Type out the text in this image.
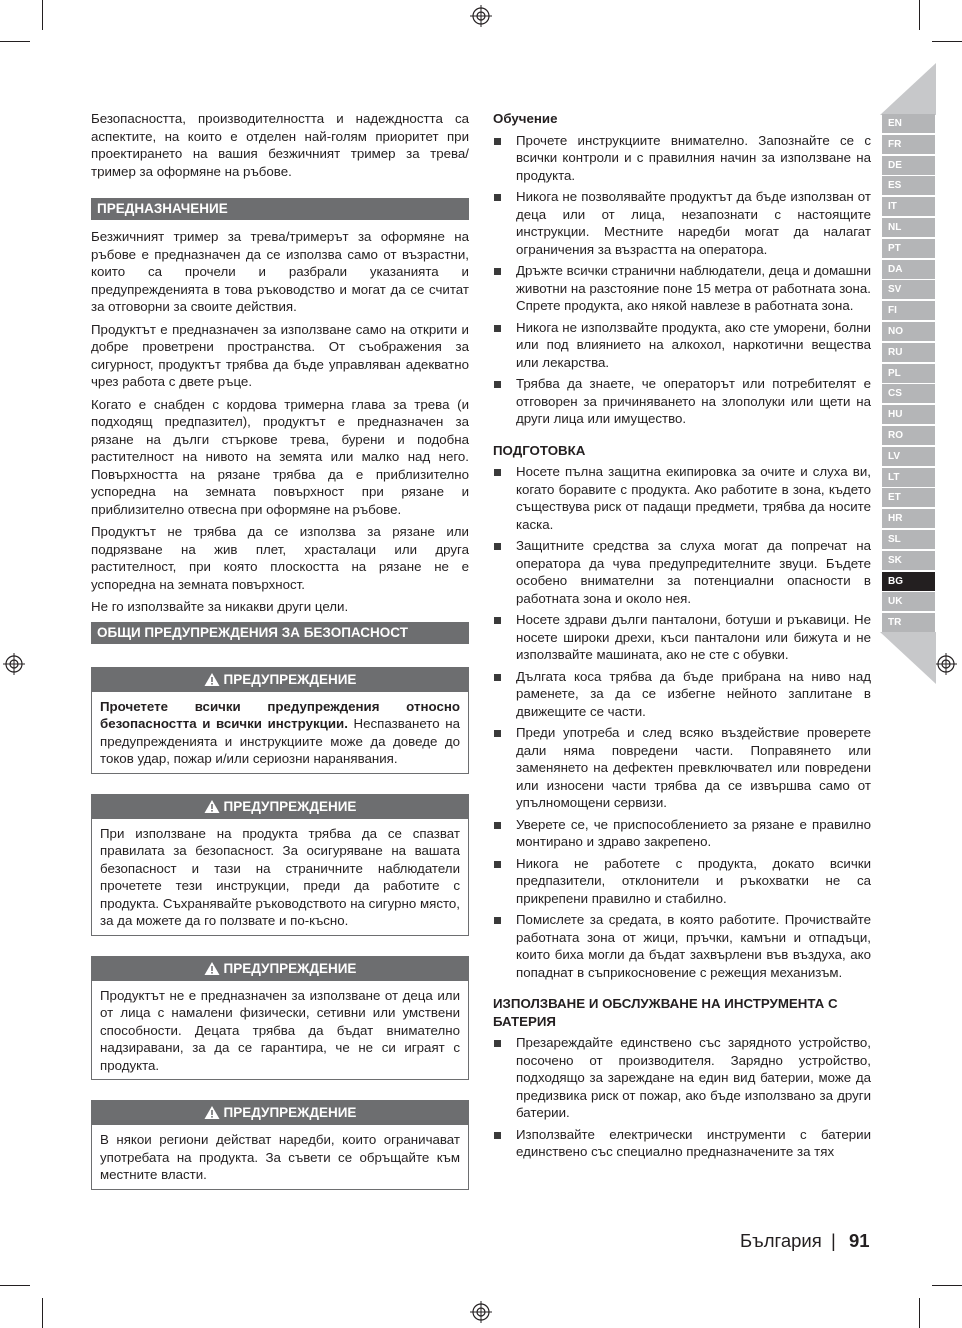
Безопасността, производителността и надеждността са аспектите, на които е отделен най-голям приоритет при проектирането на вашия безжичният тример за трева/тример за оформяне на ръбове.

ПРЕДНАЗНАЧЕНИЕ

Безжичният тример за трева/тримерът за оформяне на ръбове е предназначен да се използва само от възрастни, които са прочели и разбрали указанията и предупрежденията в това ръководство и могат да се считат за отговорни за своите действия.

Продуктът е предназначен за използване само на открити и добре проветрени пространства. От съображения за сигурност, продуктът трябва да бъде управляван адекватно чрез работа с двете ръце.

Когато е снабден с кордова тримерна глава за трева (и подходящ предпазител), продуктът е предназначен за рязане на дълги стъркове трева, бурени и подобна растителност на нивото на земята или малко над него. Повърхността на рязане трябва да е приблизително успоредна на земната повърхност при рязане и приблизително отвесна при оформяне на ръбове.

Продуктът не трябва да се използва за рязане или подрязване на жив плет, храсталаци или друга растителност, при която плоскостта на рязане не е успоредна на земната повърхност.

Не го използвайте за никакви други цели.

ОБЩИ ПРЕДУПРЕЖДЕНИЯ ЗА БЕЗОПАСНОСТ
ПРЕДУПРЕЖДЕНИЕ
Прочетете всички предупреждения относно безопасността и всички инструкции. Неспазването на предупрежденията и инструкциите може да доведе до токов удар, пожар и/или сериозни наранявания.
ПРЕДУПРЕЖДЕНИЕ
При използване на продукта трябва да се спазват правилата за безопасност. За осигуряване на вашата безопасност и тази на страничните наблюдатели прочетете тези инструкции, преди да работите с продукта. Съхранявайте ръководството на сигурно място, за да можете да го ползвате и по-късно.
ПРЕДУПРЕЖДЕНИЕ
Продуктът не е предназначен за използване от деца или от лица с намалени физически, сетивни или умствени способности. Децата трябва да бъдат внимателно надзиравани, за да се гарантира, че не си играят с продукта.
ПРЕДУПРЕЖДЕНИЕ
В някои региони действат наредби, които ограничават употребата на продукта. За съвети се обръщайте към местните власти.

Обучение

Прочете инструкциите внимателно. Запознайте се с всички контроли и с правилния начин за използване на продукта.
Никога не позволявайте продуктът да бъде използван от деца или от лица, незапознати с настоящите инструкции. Местните наредби могат да налагат ограничения за възрастта на оператора.
Дръжте всички странични наблюдатели, деца и домашни животни на разстояние поне 15 метра от работната зона. Спрете продукта, ако някой навлезе в работната зона.
Никога не използвайте продукта, ако сте уморени, болни или под влиянието на алкохол, наркотични вещества или лекарства.
Трябва да знаете, че операторът или потребителят е отговорен за причиняването на злополуки или щети на други лица или имущество.

ПОДГОТОВКА

Носете пълна защитна екипировка за очите и слуха ви, когато боравите с продукта. Ако работите в зона, където съществува риск от падащи предмети, трябва да носите каска.
Защитните средства за слуха могат да попречат на оператора да чува предупредителните звуци. Бъдете особено внимателни за потенциални опасности в работната зона и около нея.
Носете здрави дълги панталони, ботуши и ръкавици. Не носете широки дрехи, къси панталони или бижута и не използвайте машината, ако не сте с обувки.
Дългата коса трябва да бъде прибрана на ниво над раменете, за да се избегне нейното заплитане в движещите се части.
Преди употреба и след всяко въздействие проверете дали няма повредени части. Поправянето или заменянето на дефектен превключвател или повредени или износени части трябва да се извършва само от упълномощени сервизи.
Уверете се, че приспособлението за рязане е правилно монтирано и здраво закрепено.
Никога не работете с продукта, докато всички предпазители, отклонители и ръкохватки не са прикрепени правилно и стабилно.
Помислете за средата, в която работите. Прочиствайте работната зона от жици, пръчки, камъни и отпадъци, които биха могли да бъдат захвърлени във въздуха, ако попаднат в съприкосновение с режещия механизъм.

ИЗПОЛЗВАНЕ И ОБСЛУЖВАНЕ НА ИНСТРУМЕНТА С БАТЕРИЯ

Презареждайте единствено със зарядното устройство, посочено от производителя. Зарядно устройство, подходящо за зареждане на един вид батерии, може да предизвика риск от пожар, ако бъде използвано за други батерии.
Използвайте електрически инструменти с батерии единствено със специално предназначените за тях
EN
FR
DE
ES
IT
NL
PT
DA
SV
FI
NO
RU
PL
CS
HU
RO
LV
LT
ET
HR
SL
SK
BG
UK
TR
България | 91
